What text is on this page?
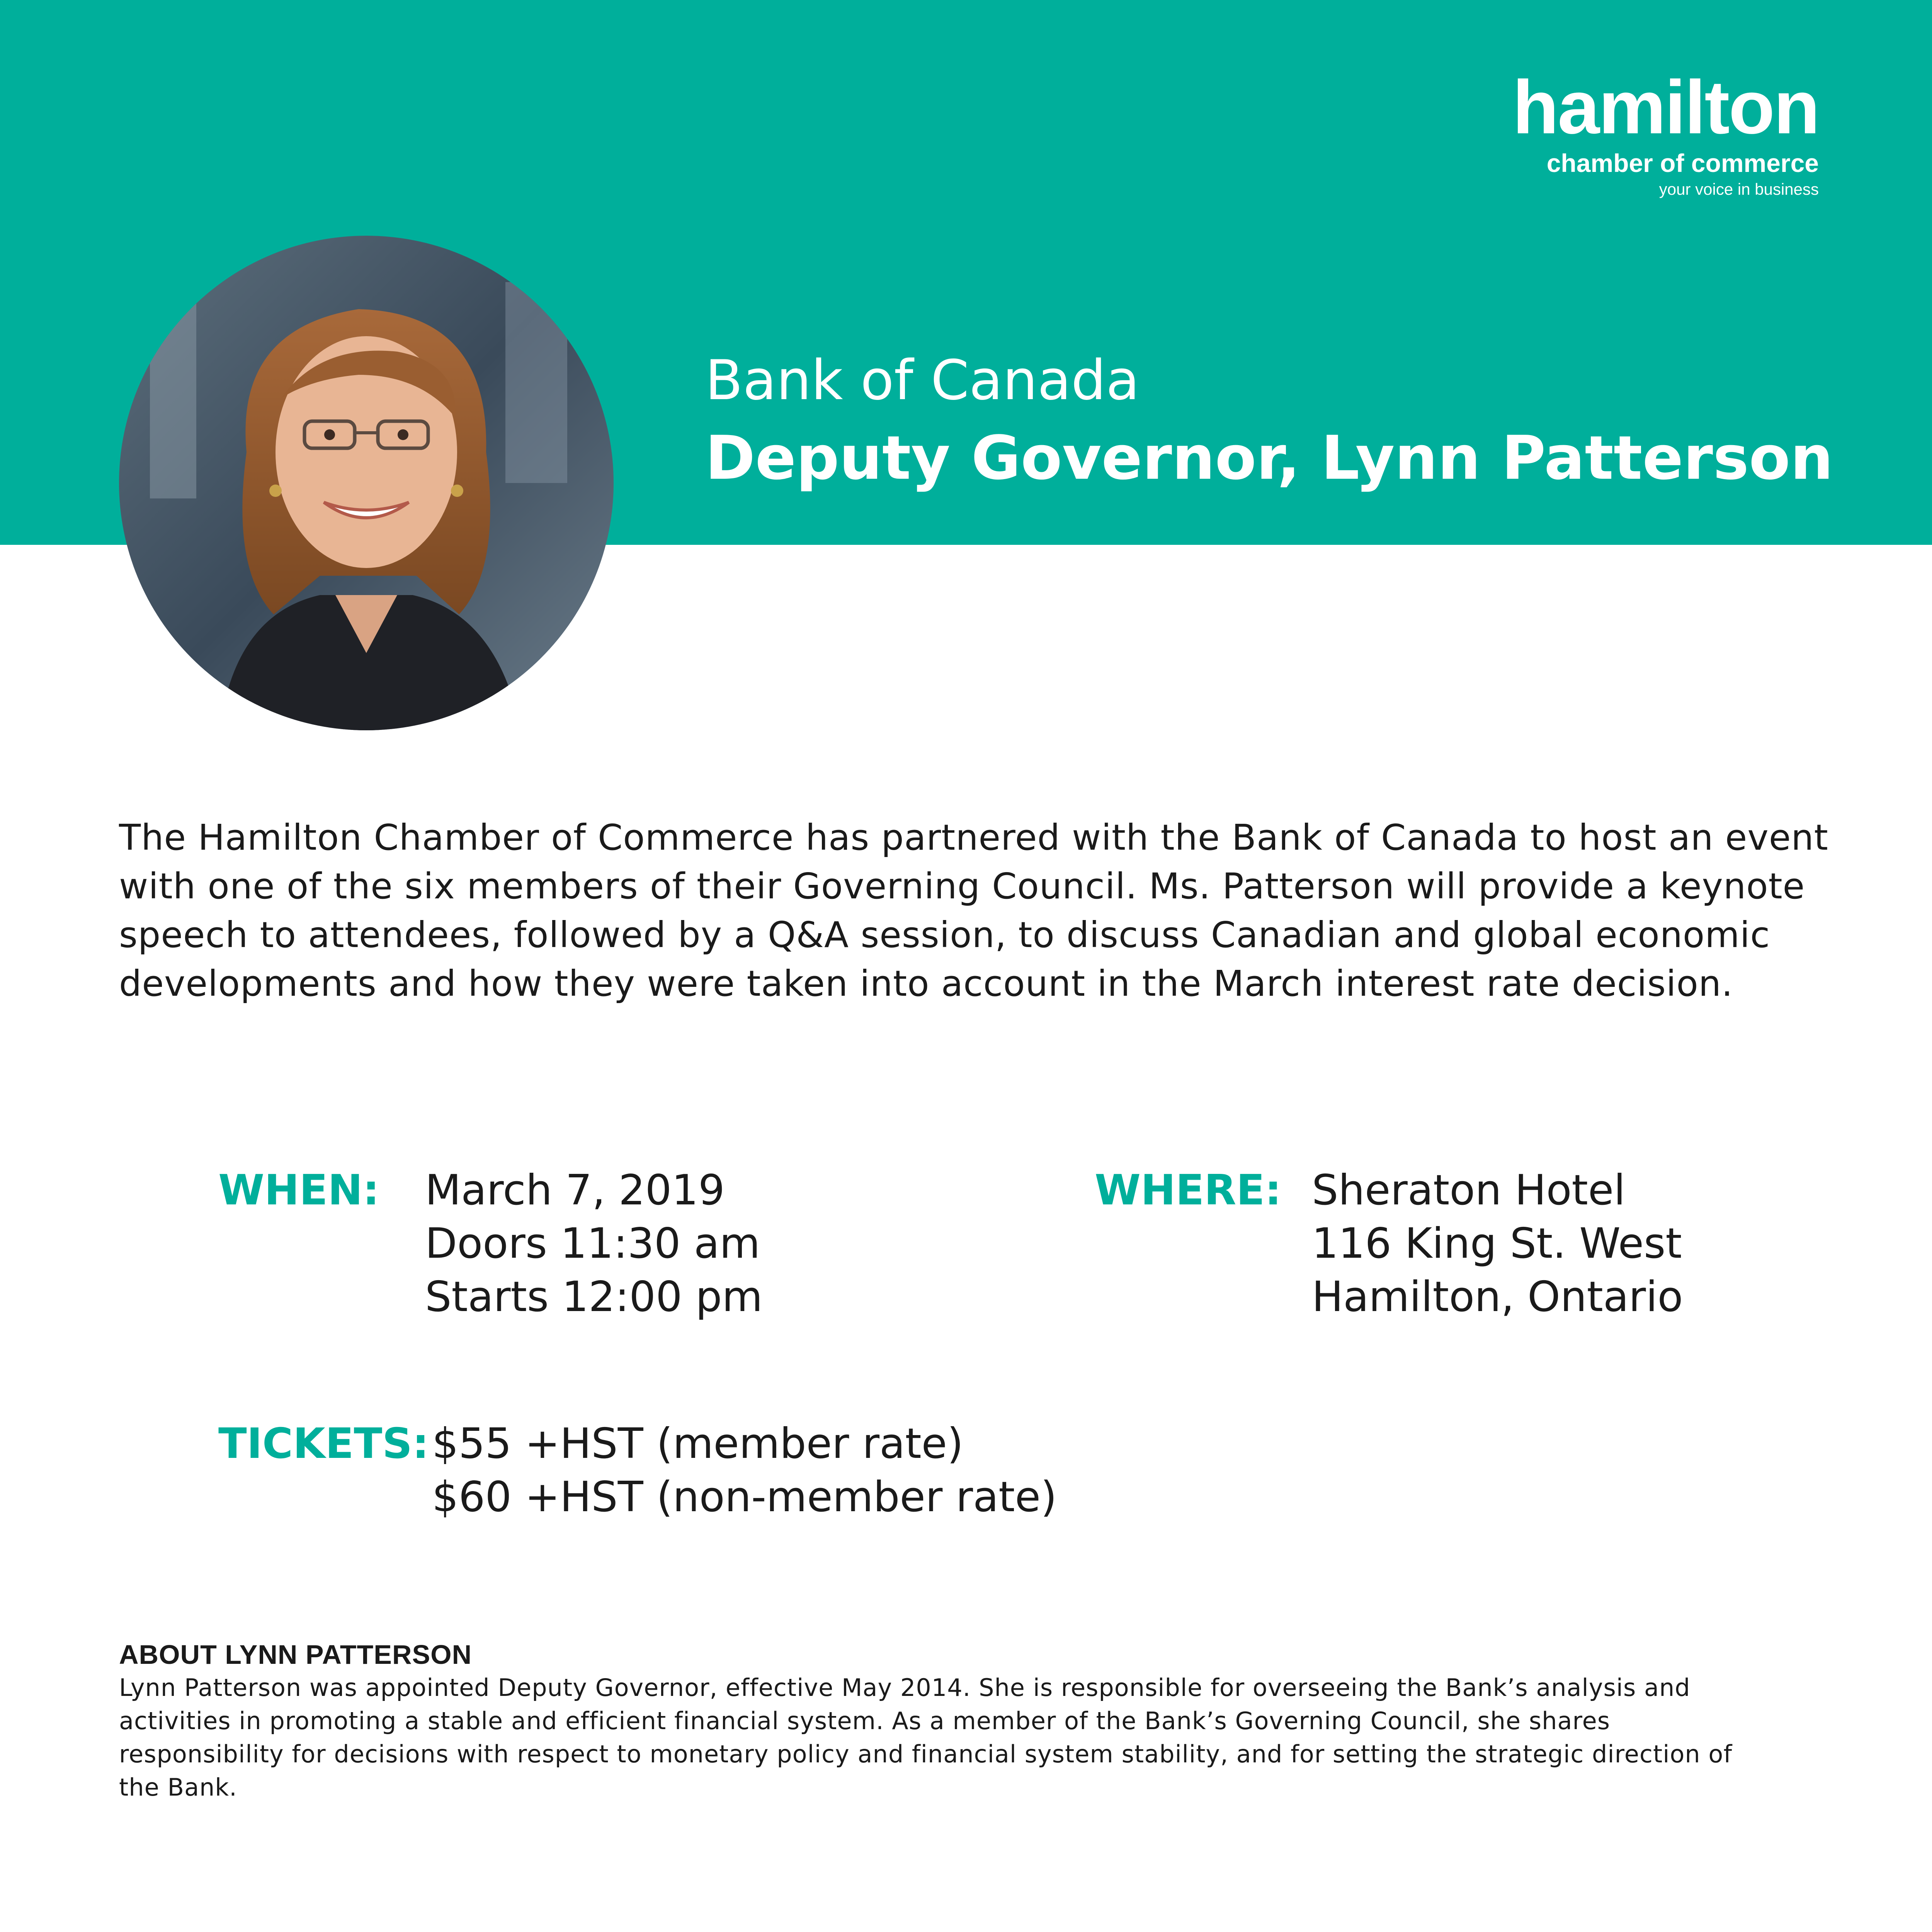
hamilton
chamber of commerce
your voice in business
Bank of Canada
Deputy Governor, Lynn Patterson

The Hamilton Chamber of Commerce has partnered with the Bank of Canada to host an event with one of the six members of their Governing Council. Ms. Patterson will provide a keynote speech to attendees, followed by a Q&A session, to discuss Canadian and global economic developments and how they were taken into account in the March interest rate decision.

WHEN: March 7, 2019
Doors 11:30 am
Starts 12:00 pm
WHERE: Sheraton Hotel
116 King St. West
Hamilton, Ontario
TICKETS: $55 +HST (member rate)
$60 +HST (non-member rate)
ABOUT LYNN PATTERSON

Lynn Patterson was appointed Deputy Governor, effective May 2014. She is responsible for overseeing the Bank’s analysis and activities in promoting a stable and efficient financial system. As a member of the Bank’s Governing Council, she shares responsibility for decisions with respect to monetary policy and financial system stability, and for setting the strategic direction of the Bank.
